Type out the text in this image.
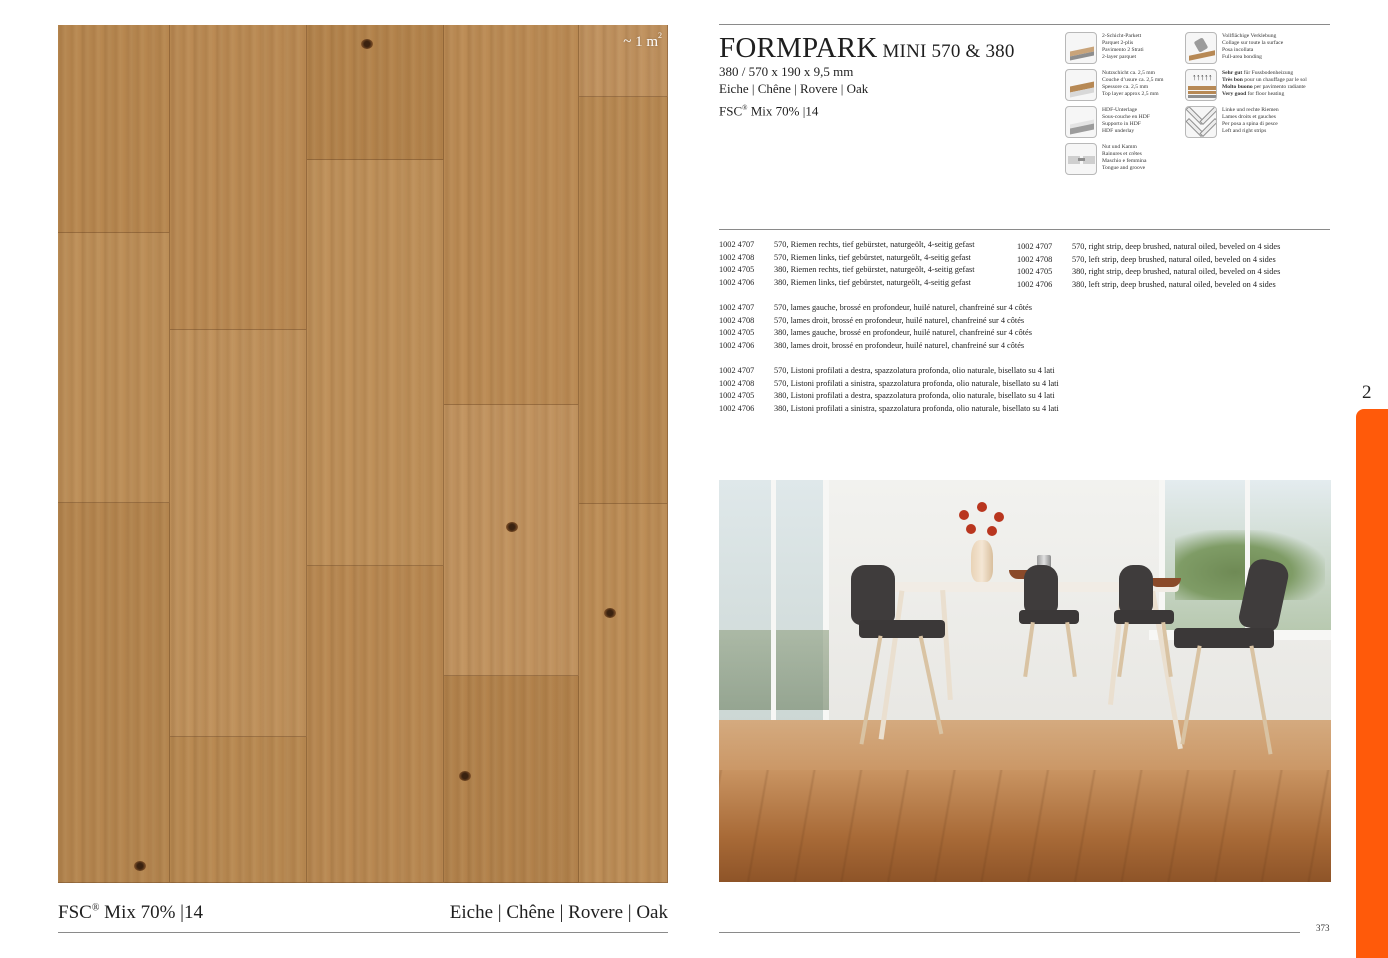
~ 1 $m^2$
FSC® Mix 70% |14	Eiche | Chêne | Rovere | Oak
FORMPARK MINI 570 & 380
380 / 570 x 190 x 9,5 mm
Eiche | Chêne | Rovere | Oak
FSC® Mix 70% |14
2-Schicht-Parkett
Parquet 2-plis
Pavimento 2 Strati
2-layer parquet
Nutzschicht ca. 2,5 mm
Couche d’usure ca. 2,5 mm
Spessore ca. 2,5 mm
Top layer approx 2,5 mm
HDF-Unterlage
Sous-couche en HDF
Supporto in HDF
HDF underlay
Nut und Kamm
Rainures et crêtes
Maschio e femmina
Tongue and groove
Vollflächige Verklebung
Collage sur toute la surface
Posa incollata
Full-area bonding
↑↑↑↑↑	Sehr gut für Fussbodenheizung
Très bon pour un chauffage par le sol
Molto buono per pavimento radiante
Very good for floor heating
Linke und rechte Riemen
Lames droits et gauches
Per posa a spina di pesce
Left and right strips
1002 4707	570, Riemen rechts, tief gebürstet, naturgeölt, 4-seitig gefast
1002 4708	570, Riemen links, tief gebürstet, naturgeölt, 4-seitig gefast
1002 4705	380, Riemen rechts, tief gebürstet, naturgeölt, 4-seitig gefast
1002 4706	380, Riemen links, tief gebürstet, naturgeölt, 4-seitig gefast
1002 4707	570, right strip, deep brushed, natural oiled, beveled on 4 sides
1002 4708	570, left strip, deep brushed, natural oiled, beveled on 4 sides
1002 4705	380, right strip, deep brushed, natural oiled, beveled on 4 sides
1002 4706	380, left strip, deep brushed, natural oiled, beveled on 4 sides
1002 4707	570, lames gauche, brossé en profondeur, huilé naturel, chanfreiné sur 4 côtés
1002 4708	570, lames droit, brossé en profondeur, huilé naturel, chanfreiné sur 4 côtés
1002 4705	380, lames gauche, brossé en profondeur, huilé naturel, chanfreiné sur 4 côtés
1002 4706	380, lames droit, brossé en profondeur, huilé naturel, chanfreiné sur 4 côtés
1002 4707	570, Listoni profilati a destra, spazzolatura profonda, olio naturale, bisellato su 4 lati
1002 4708	570, Listoni profilati a sinistra, spazzolatura profonda, olio naturale, bisellato su 4 lati
1002 4705	380, Listoni profilati a destra, spazzolatura profonda, olio naturale, bisellato su 4 lati
1002 4706	380, Listoni profilati a sinistra, spazzolatura profonda, olio naturale, bisellato su 4 lati
373
2
